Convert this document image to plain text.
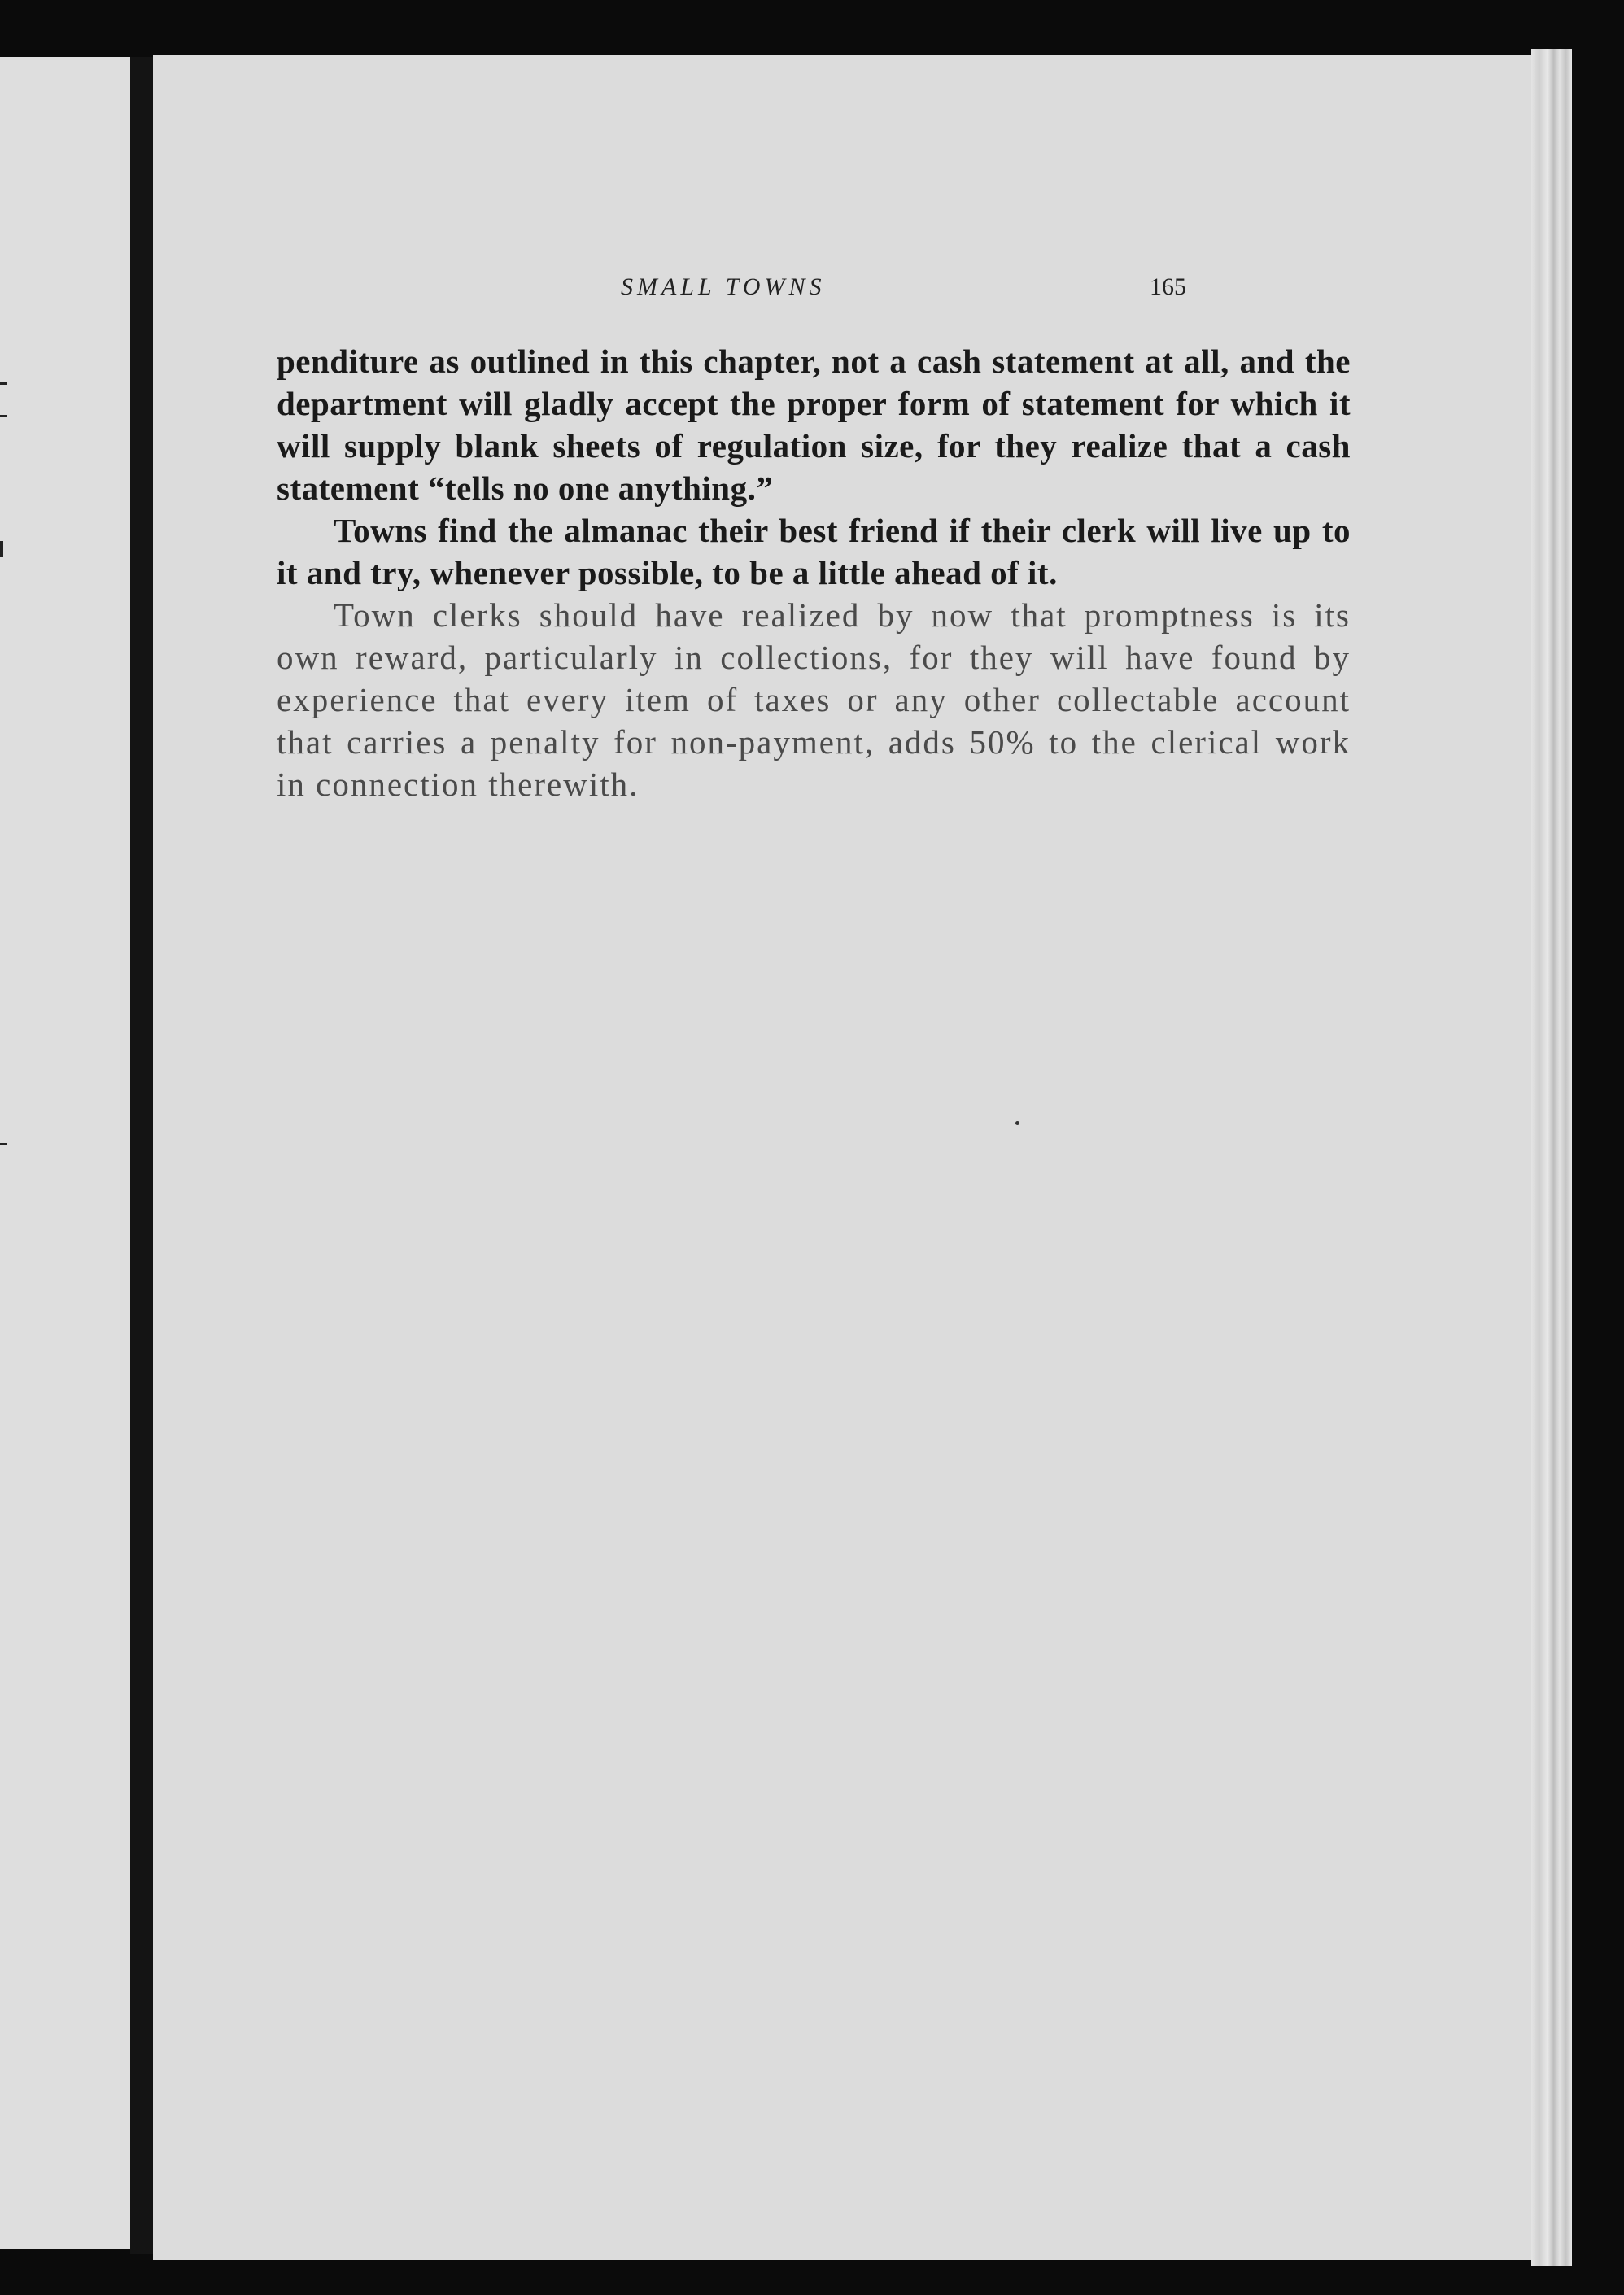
SMALL TOWNS	165

penditure as outlined in this chapter, not a cash statement at all, and the department will gladly accept the proper form of statement for which it will supply blank sheets of regulation size, for they realize that a cash statement “tells no one anything.”

Towns find the almanac their best friend if their clerk will live up to it and try, whenever possible, to be a little ahead of it.

Town clerks should have realized by now that promptness is its own reward, particularly in collections, for they will have found by experience that every item of taxes or any other collectable account that carries a penalty for non-payment, adds 50% to the clerical work in connection therewith.
